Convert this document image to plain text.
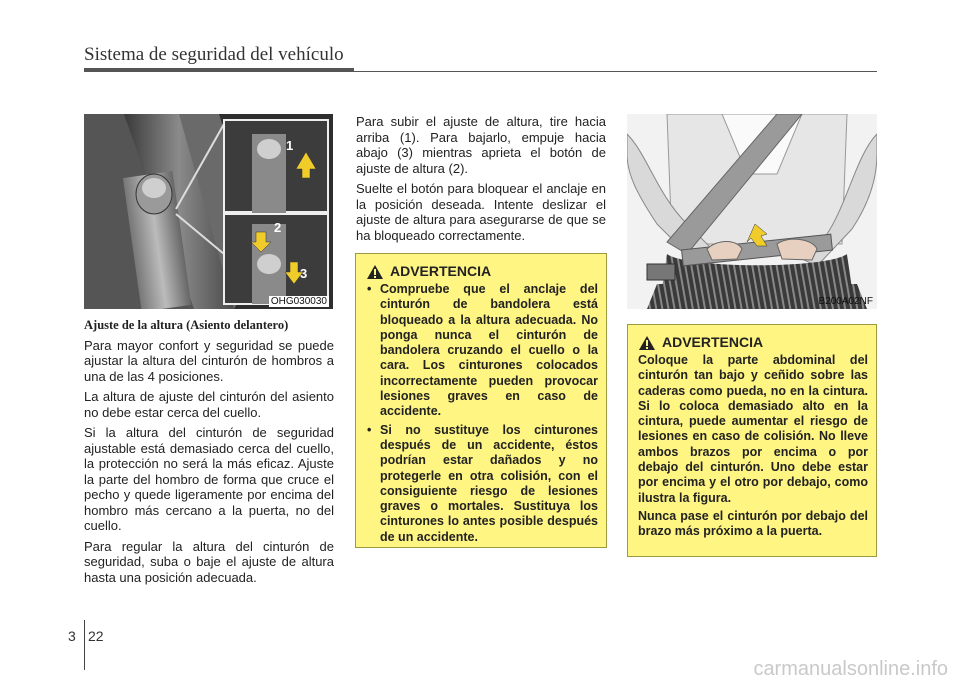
Sistema de seguridad del vehículo
1
2
3
OHG030030	B200A02NF
Ajuste de la altura (Asiento delantero)

Para mayor confort y seguridad se puede ajustar la altura del cinturón de hombros a una de las 4 posiciones.

La altura de ajuste del cinturón del asiento no debe estar cerca del cuello.

Si la altura del cinturón de seguridad ajustable está demasiado cerca del cuello, la protección no será la más eficaz. Ajuste la parte del hombro de forma que cruce el pecho y quede ligeramente por encima del hombro más cercano a la puerta, no del cuello.

Para regular la altura del cinturón de seguridad, suba o baje el ajuste de altura hasta una posición adecuada.

Para subir el ajuste de altura, tire hacia arriba (1). Para bajarlo, empuje hacia abajo (3) mientras aprieta el botón de ajuste de altura (2).

Suelte el botón para bloquear el anclaje en la posición deseada. Intente deslizar el ajuste de altura para asegurarse de que se ha bloqueado correctamente.

ADVERTENCIA
• Compruebe que el anclaje del cinturón de bandolera está bloqueado a la altura adecuada. No ponga nunca el cinturón de bandolera cruzando el cuello o la cara. Los cinturones colocados incorrectamente pueden provocar lesiones graves en caso de accidente.
• Si no sustituye los cinturones después de un accidente, éstos podrían estar dañados y no protegerle en otra colisión, con el consiguiente riesgo de lesiones graves o mortales. Sustituya los cinturones lo antes posible después de un accidente.
ADVERTENCIA

Coloque la parte abdominal del cinturón tan bajo y ceñido sobre las caderas como pueda, no en la cintura. Si lo coloca demasiado alto en la cintura, puede aumentar el riesgo de lesiones en caso de colisión. No lleve ambos brazos por encima o por debajo del cinturón. Uno debe estar por encima y el otro por debajo, como ilustra la figura.

Nunca pase el cinturón por debajo del brazo más próximo a la puerta.

3 22
carmanualsonline.info
